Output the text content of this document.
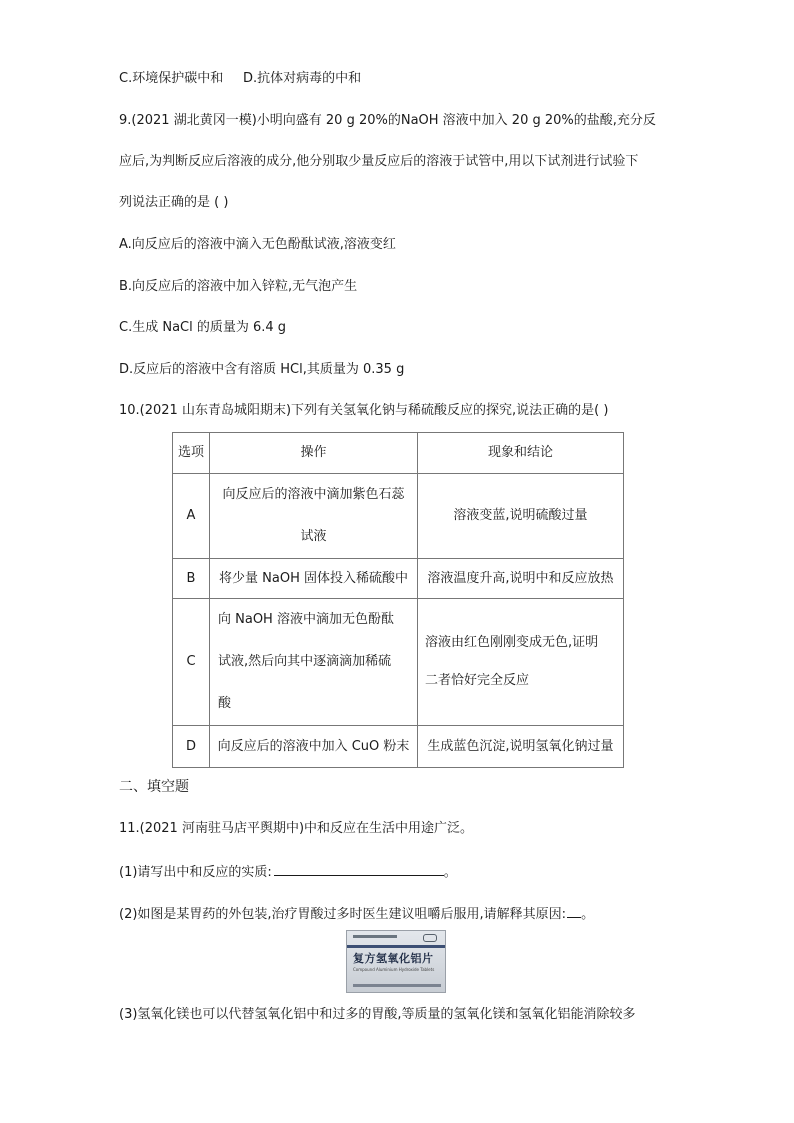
C.环境保护碳中和 D.抗体对病毒的中和
9.(2021 湖北黄冈一模)小明向盛有 20 g 20%的NaOH 溶液中加入 20 g 20%的盐酸,充分反
应后,为判断反应后溶液的成分,他分别取少量反应后的溶液于试管中,用以下试剂进行试验下
列说法正确的是 ( )
A.向反应后的溶液中滴入无色酚酞试液,溶液变红
B.向反应后的溶液中加入锌粒,无气泡产生
C.生成 NaCl 的质量为 6.4 g
D.反应后的溶液中含有溶质 HCl,其质量为 0.35 g
10.(2021 山东青岛城阳期末)下列有关氢氧化钠与稀硫酸反应的探究,说法正确的是( )
选项	操作	现象和结论
A	向反应后的溶液中滴加紫色石蕊
试液	溶液变蓝,说明硫酸过量
B	将少量 NaOH 固体投入稀硫酸中	溶液温度升高,说明中和反应放热
C	向 NaOH 溶液中滴加无色酚酞
试液,然后向其中逐滴滴加稀硫
酸	溶液由红色刚刚变成无色,证明
二者恰好完全反应

D	向反应后的溶液中加入 CuO 粉末	生成蓝色沉淀,说明氢氧化钠过量
二、填空题
11.(2021 河南驻马店平舆期中)中和反应在生活中用途广泛。
(1)请写出中和反应的实质:	。
(2)如图是某胃药的外包装,治疗胃酸过多时医生建议咀嚼后服用,请解释其原因: 。
复方氢氧化铝片
Compound Aluminium Hydroxide Tablets
(3)氢氧化镁也可以代替氢氧化铝中和过多的胃酸,等质量的氢氧化镁和氢氧化铝能消除较多
